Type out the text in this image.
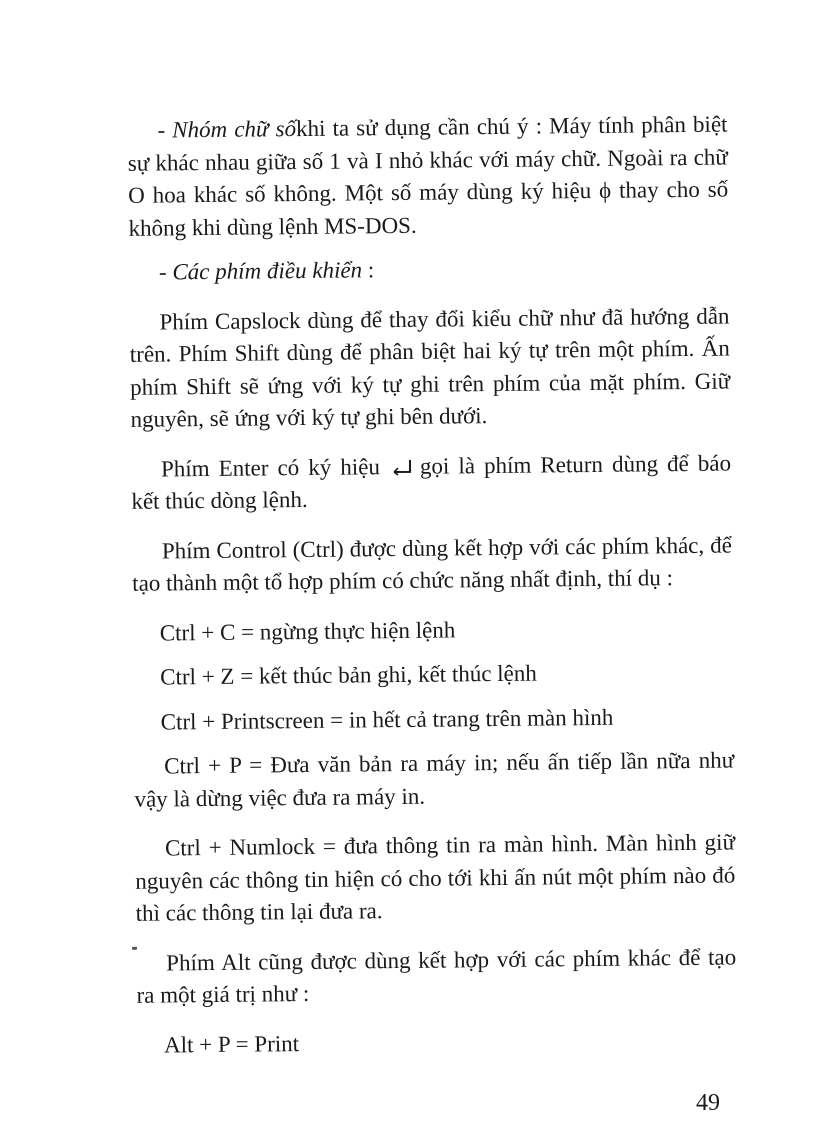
- Nhóm chữ sốkhi ta sử dụng cần chú ý : Máy tính phân biệt sự khác nhau giữa số 1 và I nhỏ khác với máy chữ. Ngoài ra chữ O hoa khác số không. Một số máy dùng ký hiệu ϕ thay cho số không khi dùng lệnh MS-DOS.

- Các phím điều khiển :

Phím Capslock dùng để thay đổi kiểu chữ như đã hướng dẫn trên. Phím Shift dùng để phân biệt hai ký tự trên một phím. Ấn phím Shift sẽ ứng với ký tự ghi trên phím của mặt phím. Giữ nguyên, sẽ ứng với ký tự ghi bên dưới.

Phím Enter có ký hiệu gọi là phím Return dùng để báo kết thúc dòng lệnh.

Phím Control (Ctrl) được dùng kết hợp với các phím khác, để tạo thành một tổ hợp phím có chức năng nhất định, thí dụ :

Ctrl + C = ngừng thực hiện lệnh

Ctrl + Z = kết thúc bản ghi, kết thúc lệnh

Ctrl + Printscreen = in hết cả trang trên màn hình

Ctrl + P = Đưa văn bản ra máy in; nếu ấn tiếp lần nữa như vậy là dừng việc đưa ra máy in.

Ctrl + Numlock = đưa thông tin ra màn hình. Màn hình giữ nguyên các thông tin hiện có cho tới khi ấn nút một phím nào đó thì các thông tin lại đưa ra.

Phím Alt cũng được dùng kết hợp với các phím khác để tạo ra một giá trị như :

Alt + P = Print

49
